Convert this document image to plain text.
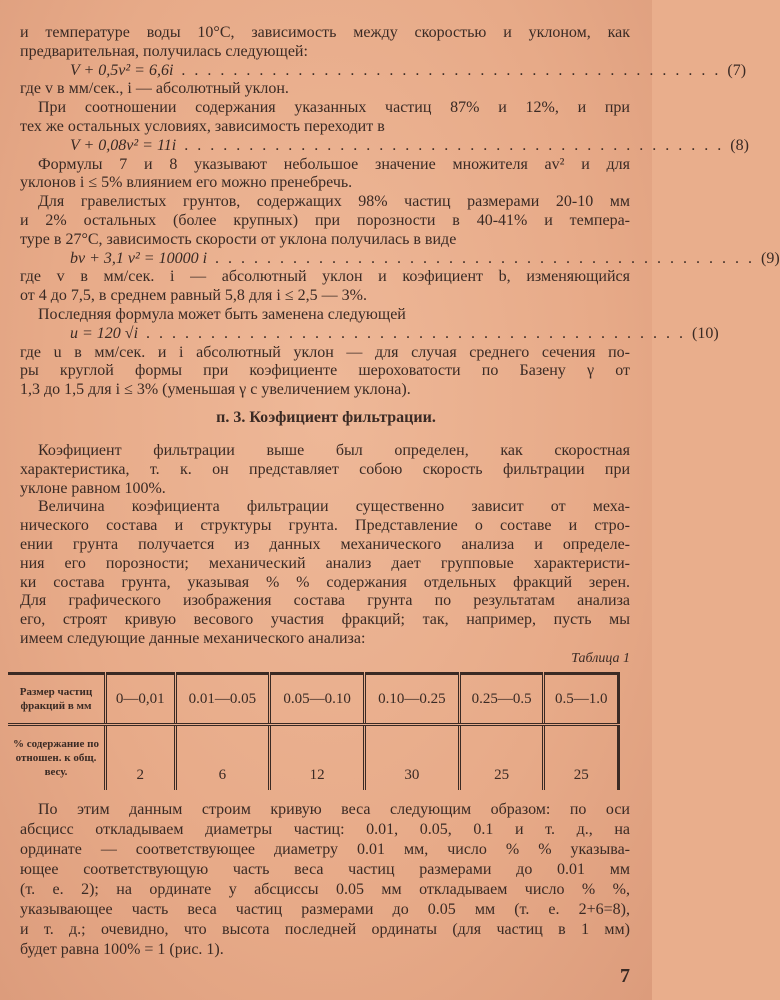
и температуре воды 10°C, зависимость между скоростью и уклоном, как
предварительная, получилась следующей:
V + 0,5v² = 6,6i .......................................... (7)
где v в мм/сек., i — абсолютный уклон.
При соотношении содержания указанных частиц 87% и 12%, и при
тех же остальных условиях, зависимость переходит в
V + 0,08v² = 11i .......................................... (8)
Формулы 7 и 8 указывают небольшое значение множителя av² и для
уклонов i ≤ 5% влиянием его можно пренебречь.
Для гравелистых грунтов, содержащих 98% частиц размерами 20-10 мм
и 2% остальных (более крупных) при порозности в 40-41% и темпера-
туре в 27°C, зависимость скорости от уклона получилась в виде
bv + 3,1 v² = 10000 i .......................................... (9)
где v в мм/сек. i — абсолютный уклон и коэфициент b, изменяющийся
от 4 до 7,5, в среднем равный 5,8 для i ≤ 2,5 — 3%.
Последняя формула может быть заменена следующей
u = 120 √i .......................................... (10)
где u в мм/сек. и i абсолютный уклон — для случая среднего сечения по-
ры круглой формы при коэфициенте шероховатости по Базену γ от
1,3 до 1,5 для i ≤ 3% (уменьшая γ с увеличением уклона).
п. 3. Коэфициент фильтрации.
Коэфициент фильтрации выше был определен, как скоростная
характеристика, т. к. он представляет собою скорость фильтрации при
уклоне равном 100%.
Величина коэфициента фильтрации существенно зависит от меха-
нического состава и структуры грунта. Представление о составе и стро-
ении грунта получается из данных механического анализа и определе-
ния его порозности; механический анализ дает групповые характеристи-
ки состава грунта, указывая % % содержания отдельных фракций зерен.
Для графического изображения состава грунта по результатам анализа
его, строят кривую весового участия фракций; так, например, пусть мы
имеем следующие данные механического анализа:
Таблица 1
Размер частиц фракций в мм	0—0,01	0.01—0.05	0.05—0.10	0.10—0.25	0.25—0.5	0.5—1.0
% содержание по отношен. к общ. весу.	2	6	12	30	25	25
По этим данным строим кривую веса следующим образом: по оси
абсцисс откладываем диаметры частиц: 0.01, 0.05, 0.1 и т. д., на
ординате — соответствующее диаметру 0.01 мм, число % % указыва-
ющее соответствующую часть веса частиц размерами до 0.01 мм
(т. е. 2); на ординате у абсциссы 0.05 мм откладываем число % %,
указывающее часть веса частиц размерами до 0.05 мм (т. е. 2+6=8),
и т. д.; очевидно, что высота последней ординаты (для частиц в 1 мм)
будет равна 100% = 1 (рис. 1).
7
